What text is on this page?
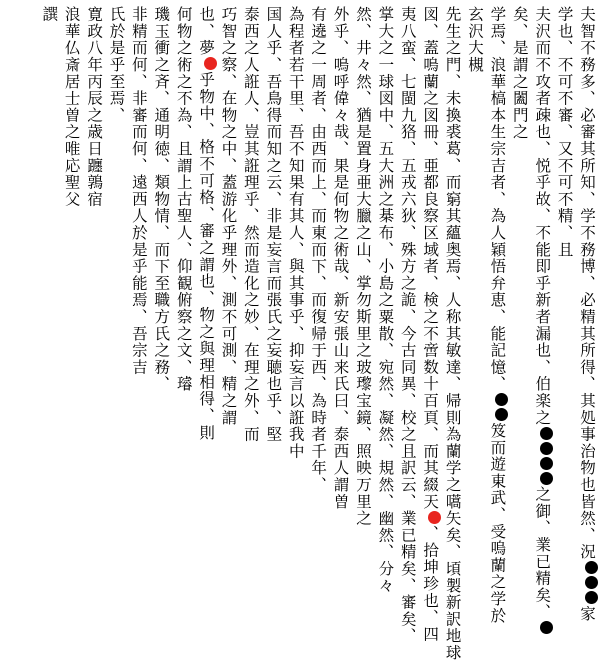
夫智不務多、必審其所知、学不務博、必精其所得、其処事治物也皆然、況家
学也、不可不審、又不可不精、且
夫沢而不攻者疎也、悦乎故、不能即乎新者漏也、伯楽之之御、業已精矣、
矣、是謂之闔門之
学焉、浪華槁本生宗吉者、為人穎悟弁恵、能記憶、笈而遊東武、受嗚蘭之学於
玄沢大槻
先生之門、未換裘葛、而窮其蘊奥焉、人称其敏達、帰則為蘭学之嚆矢矣、頃製新訳地球
図、蓋嗚蘭之図冊、亜都良察区域者、検之不啻数十百頁、而其綴天、拾坤珍也、四
夷八蛮、七閩九狢、五戎六狄、殊方之詭、今古同異、校之且訳云、業已精矣、審矣、
掌大之一球図中、五大洲之棊布、小島之粟散、宛然、凝然、規然、幽然、分々
然、井々然、猶是置身亜大臘之山、掌勿斯里之玻瓈宝鏡、照映万里之
外乎、嗚呼偉々哉、果是何物之術哉、新安張山来氏曰、泰西人謂曽
有遶之一周者、由西而上、而東而下、而復帰于西、為時者千年、
為程者若干里、吾不知果有其人、與其事乎、抑妄言以誑我中
国人乎、吾鳥得而知之云、非是妄言而張氏之妄聴也乎、堅
泰西之人誑人、豈其誑理乎、然而造化之妙、在理之外、而
巧智之察、在物之中、蓋游化乎理外、測不可測、精之謂
也、夢乎物中、格不可格、審之謂也、物之與理相得、則
何物之術之不為、且謂上古聖人、仰観俯察之文、璿
璣玉衝之斉、通明徳、類物情、而下至職方氏之務、
非精而何、非審而何、遠西人於是乎能焉、吾宗吉
氏於是乎至焉、
寛政八年丙辰之歳日躔鶉宿
浪華仏斎居士曽之唯応聖父　　
譔
